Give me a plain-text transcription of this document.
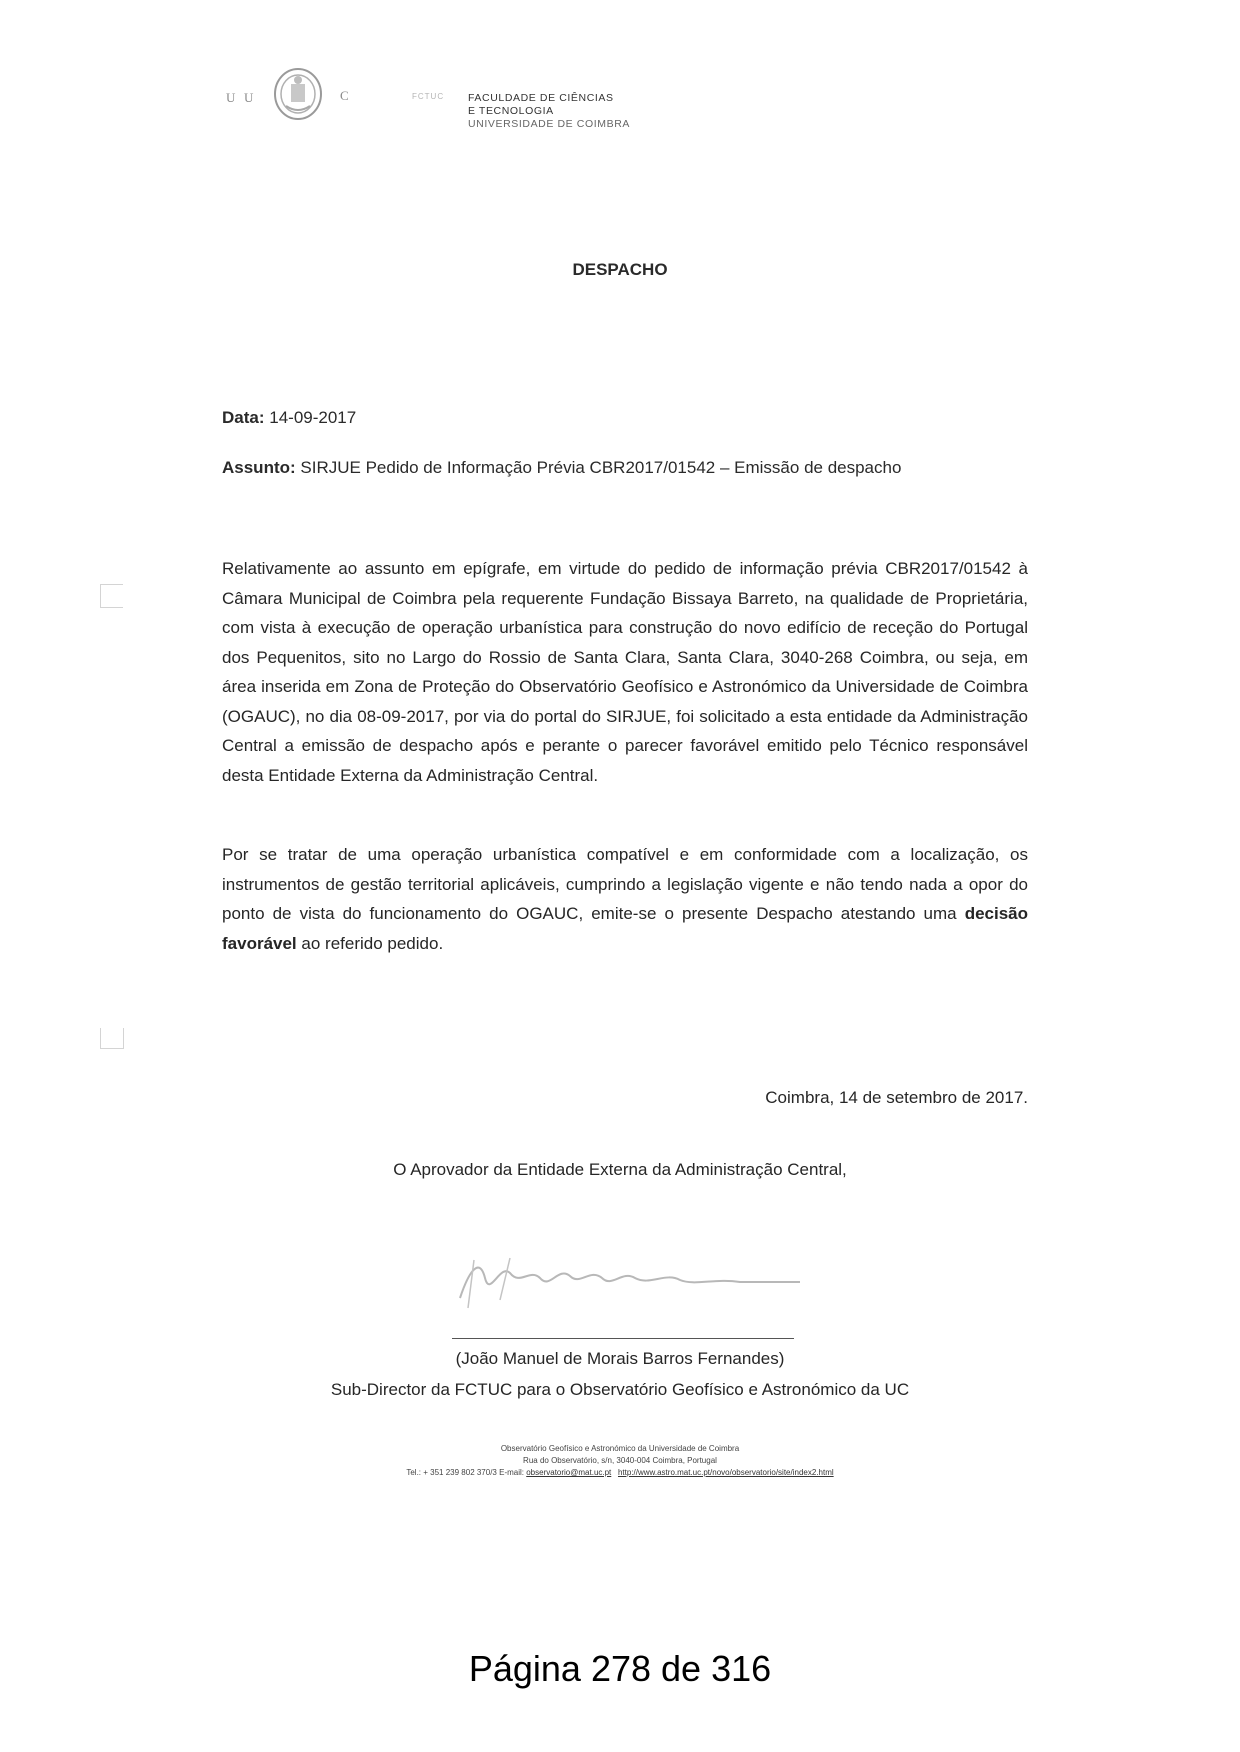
U U	C	FCTUC FACULDADE DE CIÊNCIAS
E TECNOLOGIA
UNIVERSIDADE DE COIMBRA
DESPACHO
Data: 14-09-2017
Assunto: SIRJUE Pedido de Informação Prévia CBR2017/01542 – Emissão de despacho
Relativamente ao assunto em epígrafe, em virtude do pedido de informação prévia CBR2017/01542 à Câmara Municipal de Coimbra pela requerente Fundação Bissaya Barreto, na qualidade de Proprietária, com vista à execução de operação urbanística para construção do novo edifício de receção do Portugal dos Pequenitos, sito no Largo do Rossio de Santa Clara, Santa Clara, 3040-268 Coimbra, ou seja, em área inserida em Zona de Proteção do Observatório Geofísico e Astronómico da Universidade de Coimbra (OGAUC), no dia 08-09-2017, por via do portal do SIRJUE, foi solicitado a esta entidade da Administração Central a emissão de despacho após e perante o parecer favorável emitido pelo Técnico responsável desta Entidade Externa da Administração Central.
Por se tratar de uma operação urbanística compatível e em conformidade com a localização, os instrumentos de gestão territorial aplicáveis, cumprindo a legislação vigente e não tendo nada a opor do ponto de vista do funcionamento do OGAUC, emite-se o presente Despacho atestando uma decisão favorável ao referido pedido.
Coimbra, 14 de setembro de 2017.
O Aprovador da Entidade Externa da Administração Central,
(João Manuel de Morais Barros Fernandes)
Sub-Director da FCTUC para o Observatório Geofísico e Astronómico da UC
Observatório Geofísico e Astronómico da Universidade de Coimbra
Rua do Observatório, s/n, 3040-004 Coimbra, Portugal
Tel.: + 351 239 802 370/3 E-mail: observatorio@mat.uc.pt http://www.astro.mat.uc.pt/novo/observatorio/site/index2.html
Página 278 de 316
